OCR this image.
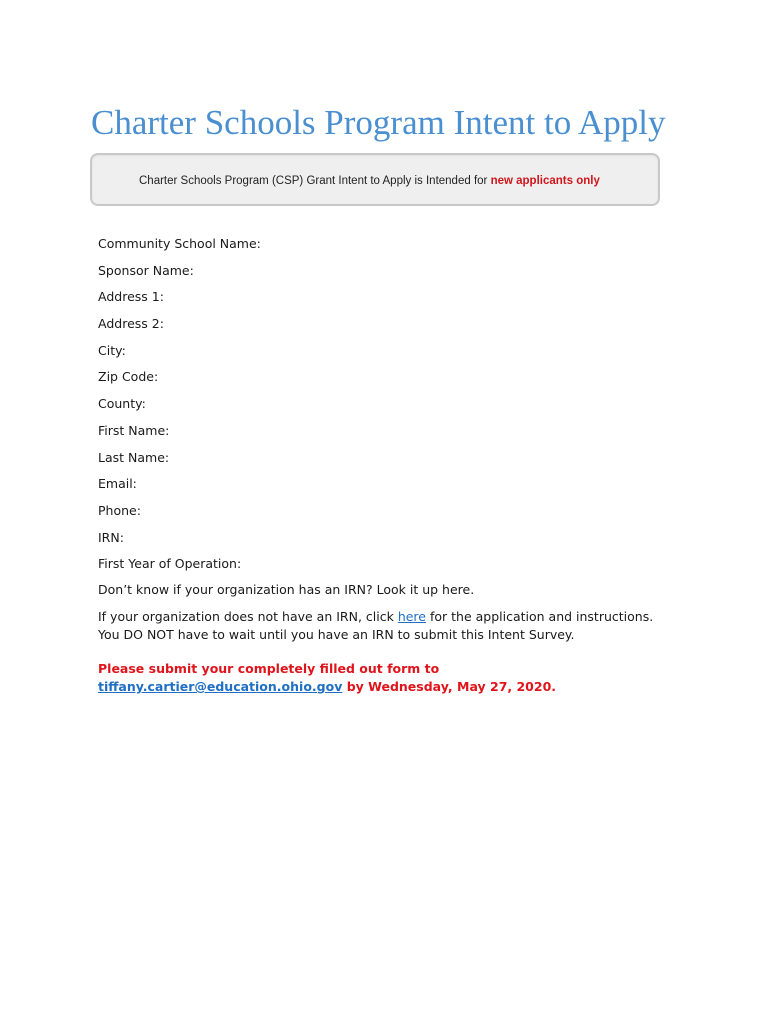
Charter Schools Program Intent to Apply
Charter Schools Program (CSP) Grant Intent to Apply is Intended for new applicants only
Community School Name:
Sponsor Name:
Address 1:
Address 2:
City:
Zip Code:
County:
First Name:
Last Name:
Email:
Phone:
IRN:
First Year of Operation:

Don’t know if your organization has an IRN? Look it up here.

If your organization does not have an IRN, click here for the application and instructions. You DO NOT have to wait until you have an IRN to submit this Intent Survey.

Please submit your completely filled out form to tiffany.cartier@education.ohio.gov by Wednesday, May 27, 2020.
